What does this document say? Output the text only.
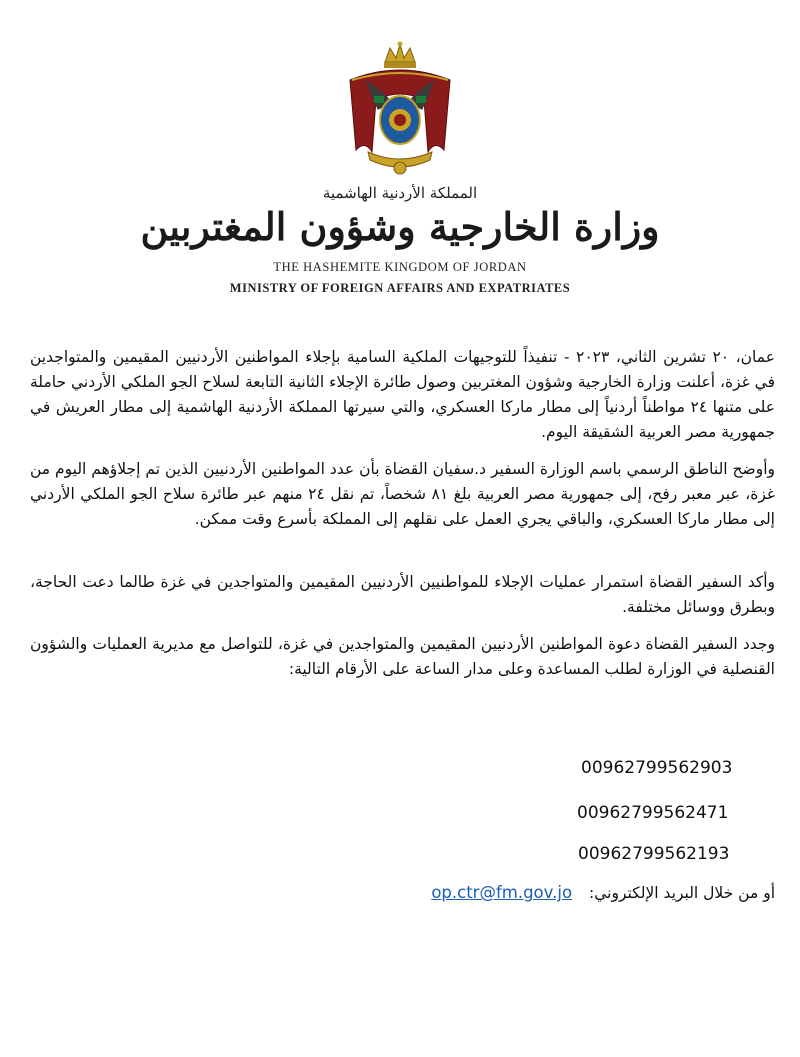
المملكة الأردنية الهاشمية
وزارة الخارجية وشؤون المغتربين
THE HASHEMITE KINGDOM OF JORDAN
MINISTRY OF FOREIGN AFFAIRS AND EXPATRIATES

عمان، ٢٠ تشرين الثاني، ٢٠٢٣ - تنفيذاً للتوجيهات الملكية السامية بإجلاء المواطنين الأردنيين المقيمين والمتواجدين في غزة، أعلنت وزارة الخارجية وشؤون المغتربين وصول طائرة الإجلاء الثانية التابعة لسلاح الجو الملكي الأردني حاملة على متنها ٢٤ مواطناً أردنياً إلى مطار ماركا العسكري، والتي سيرتها المملكة الأردنية الهاشمية إلى مطار العريش في جمهورية مصر العربية الشقيقة اليوم.

وأوضح الناطق الرسمي باسم الوزارة السفير د.سفيان القضاة بأن عدد المواطنين الأردنيين الذين تم إجلاؤهم اليوم من غزة، عبر معبر رفح، إلى جمهورية مصر العربية بلغ ٨١ شخصاً، تم نقل ٢٤ منهم عبر طائرة سلاح الجو الملكي الأردني إلى مطار ماركا العسكري، والباقي يجري العمل على نقلهم إلى المملكة بأسرع وقت ممكن.

وأكد السفير القضاة استمرار عمليات الإجلاء للمواطنيين الأردنيين المقيمين والمتواجدين في غزة طالما دعت الحاجة، وبطرق ووسائل مختلفة.

وجدد السفير القضاة دعوة المواطنين الأردنيين المقيمين والمتواجدين في غزة، للتواصل مع مديرية العمليات والشؤون القنصلية في الوزارة لطلب المساعدة وعلى مدار الساعة على الأرقام التالية:

00962799562903
00962799562471
00962799562193
أو من خلال البريد الإلكتروني: op.ctr@fm.gov.jo
